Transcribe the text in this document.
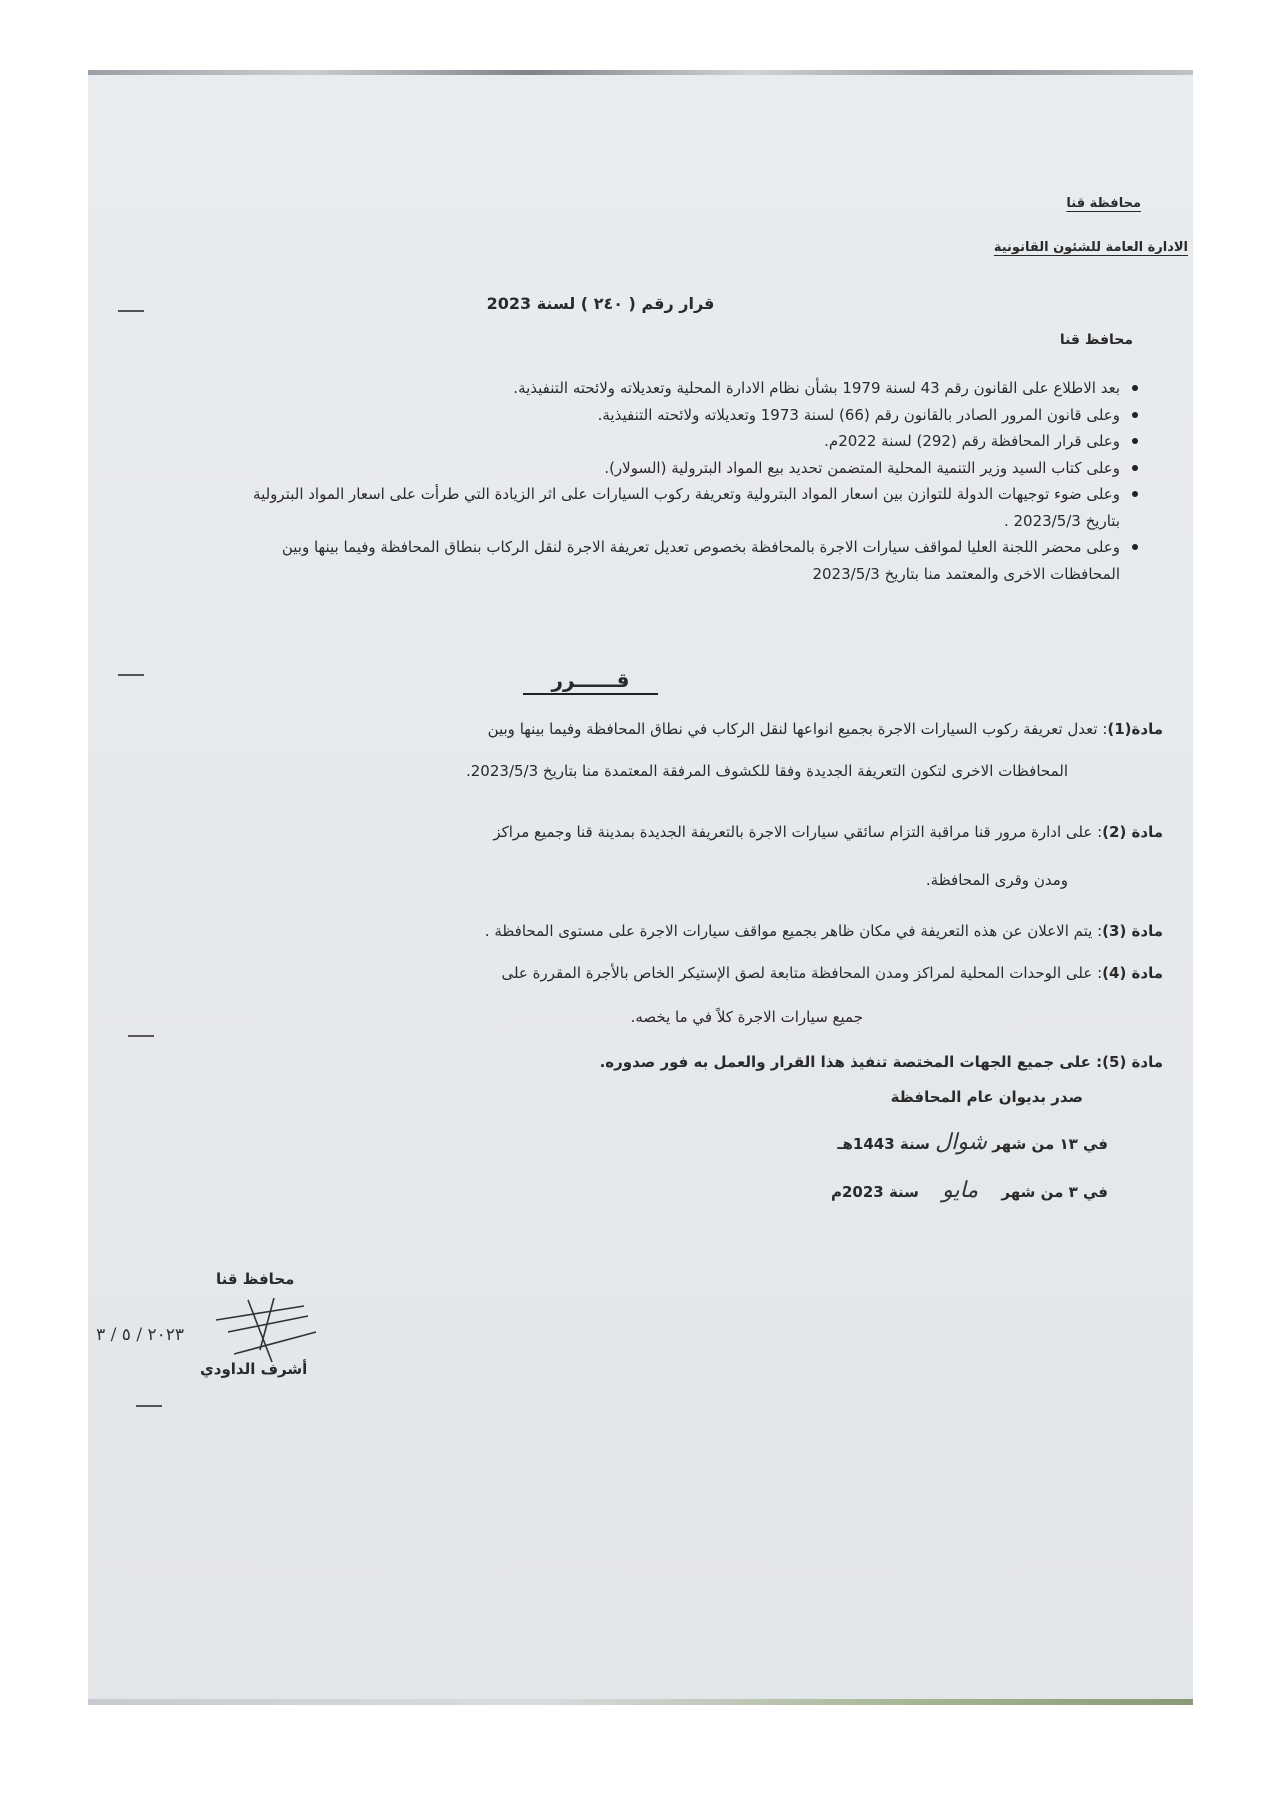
محافظة قنا
الادارة العامة للشئون القانونية
قرار رقم ( ٢٤٠ ) لسنة 2023
محافظ قنا
بعد الاطلاع على القانون رقم 43 لسنة 1979 بشأن نظام الادارة المحلية وتعديلاته ولائحته التنفيذية.
وعلى قانون المرور الصادر بالقانون رقم (66) لسنة 1973 وتعديلاته ولائحته التنفيذية.
وعلى قرار المحافظة رقم (292) لسنة 2022م.
وعلى كتاب السيد وزير التنمية المحلية المتضمن تحديد بيع المواد البترولية (السولار).
وعلى ضوء توجيهات الدولة للتوازن بين اسعار المواد البترولية وتعريفة ركوب السيارات على اثر الزيادة التي طرأت على اسعار المواد البترولية بتاريخ 2023/5/3 .
وعلى محضر اللجنة العليا لمواقف سيارات الاجرة بالمحافظة بخصوص تعديل تعريفة الاجرة لنقل الركاب بنطاق المحافظة وفيما بينها وبين المحافظات الاخرى والمعتمد منا بتاريخ 2023/5/3
قــــــرر
مادة(1): تعدل تعريفة ركوب السيارات الاجرة بجميع انواعها لنقل الركاب في نطاق المحافظة وفيما بينها وبين
المحافظات الاخرى لتكون التعريفة الجديدة وفقا للكشوف المرفقة المعتمدة منا بتاريخ 2023/5/3.
مادة (2): على ادارة مرور قنا مراقبة التزام سائقي سيارات الاجرة بالتعريفة الجديدة بمدينة قنا وجميع مراكز
ومدن وقرى المحافظة.
مادة (3): يتم الاعلان عن هذه التعريفة في مكان ظاهر بجميع مواقف سيارات الاجرة على مستوى المحافظة .
مادة (4): على الوحدات المحلية لمراكز ومدن المحافظة متابعة لصق الإستيكر الخاص بالأجرة المقررة على
جميع سيارات الاجرة كلاً في ما يخصه.
مادة (5): على جميع الجهات المختصة تنفيذ هذا القرار والعمل به فور صدوره.
صدر بديوان عام المحافظة
في ١٣ من شهر شوال سنة 1443هـ
في ٣ من شهر مايو سنة 2023م
محافظ قنا
٢٠٢٣ / ٥ / ٣
أشرف الداودي
